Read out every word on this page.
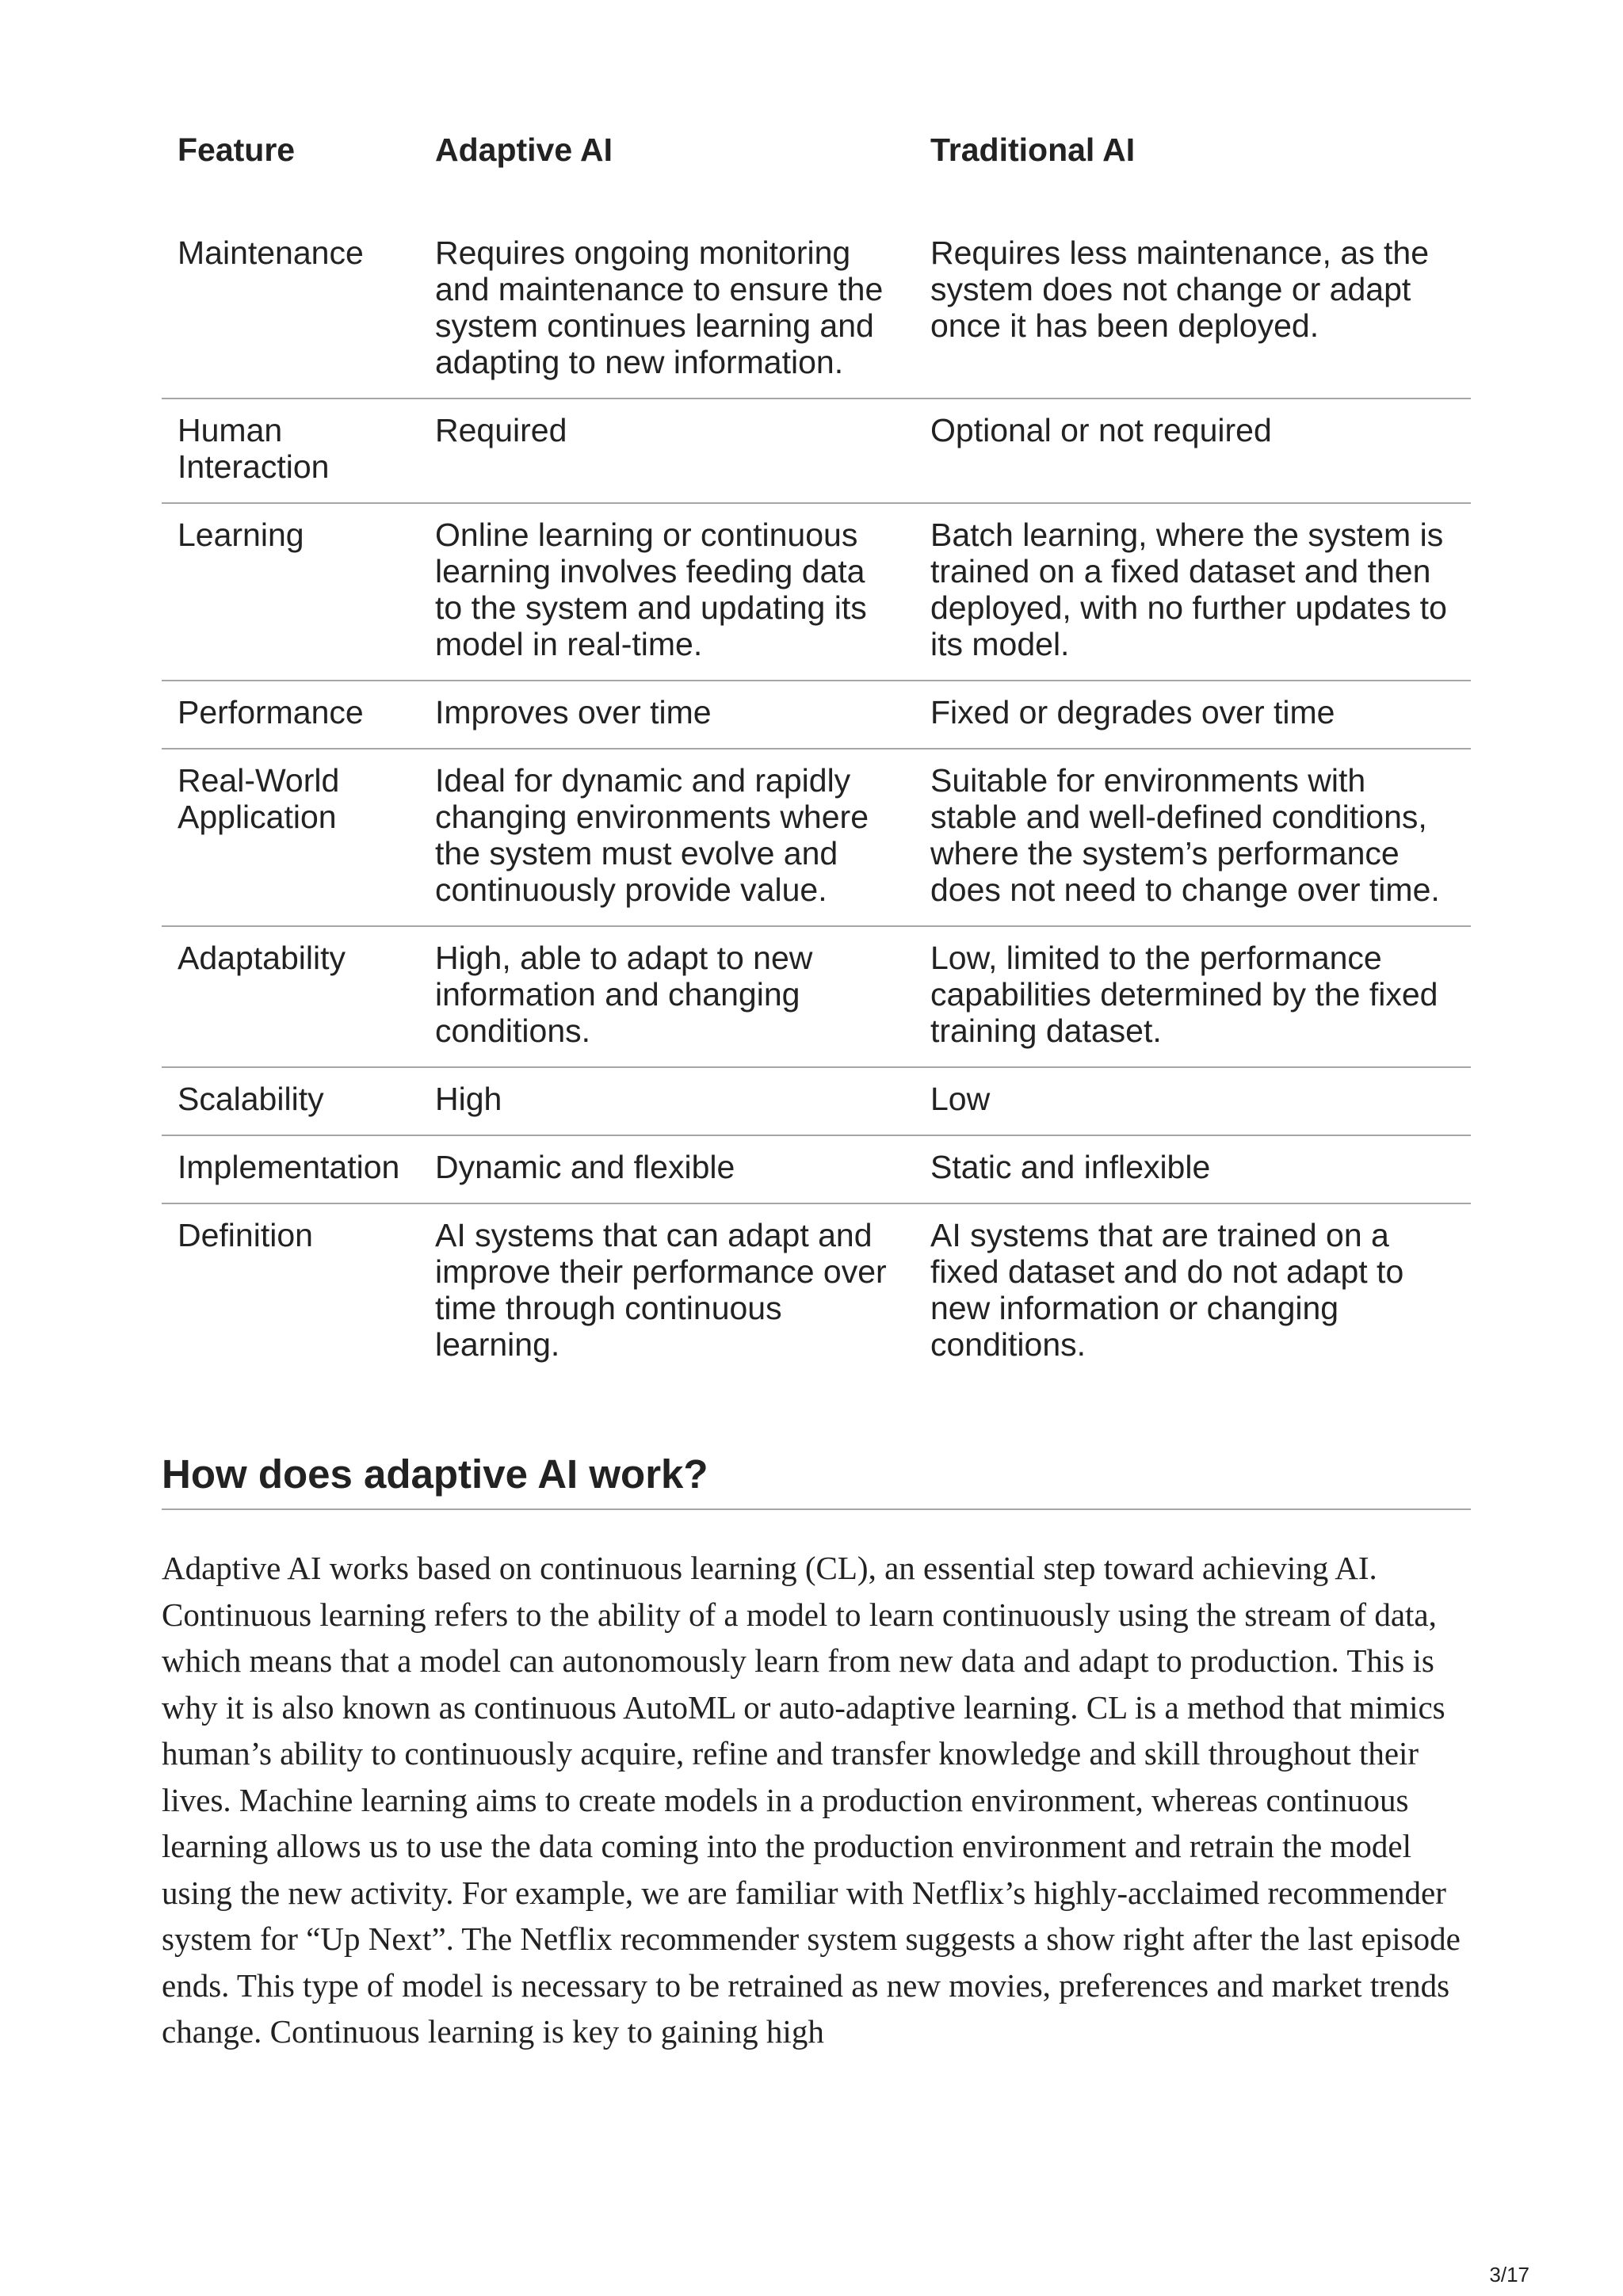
Feature	Adaptive AI	Traditional AI
Maintenance	Requires ongoing monitoring and maintenance to ensure the system continues learning and adapting to new information.	Requires less maintenance, as the system does not change or adapt once it has been deployed.
Human Interaction	Required	Optional or not required
Learning	Online learning or continuous learning involves feeding data to the system and updating its model in real-time.	Batch learning, where the system is trained on a fixed dataset and then deployed, with no further updates to its model.
Performance	Improves over time	Fixed or degrades over time
Real-World Application	Ideal for dynamic and rapidly changing environments where the system must evolve and continuously provide value.	Suitable for environments with stable and well-defined conditions, where the system’s performance does not need to change over time.
Adaptability	High, able to adapt to new information and changing conditions.	Low, limited to the performance capabilities determined by the fixed training dataset.
Scalability	High	Low
Implementation	Dynamic and flexible	Static and inflexible
Definition	AI systems that can adapt and improve their performance over time through continuous learning.	AI systems that are trained on a fixed dataset and do not adapt to new information or changing conditions.
How does adaptive AI work?

Adaptive AI works based on continuous learning (CL), an essential step toward achieving AI. Continuous learning refers to the ability of a model to learn continuously using the stream of data, which means that a model can autonomously learn from new data and adapt to production. This is why it is also known as continuous AutoML or auto-adaptive learning. CL is a method that mimics human’s ability to continuously acquire, refine and transfer knowledge and skill throughout their lives. Machine learning aims to create models in a production environment, whereas continuous learning allows us to use the data coming into the production environment and retrain the model using the new activity. For example, we are familiar with Netflix’s highly-acclaimed recommender system for “Up Next”. The Netflix recommender system suggests a show right after the last episode ends. This type of model is necessary to be retrained as new movies, preferences and market trends change. Continuous learning is key to gaining high

3/17
